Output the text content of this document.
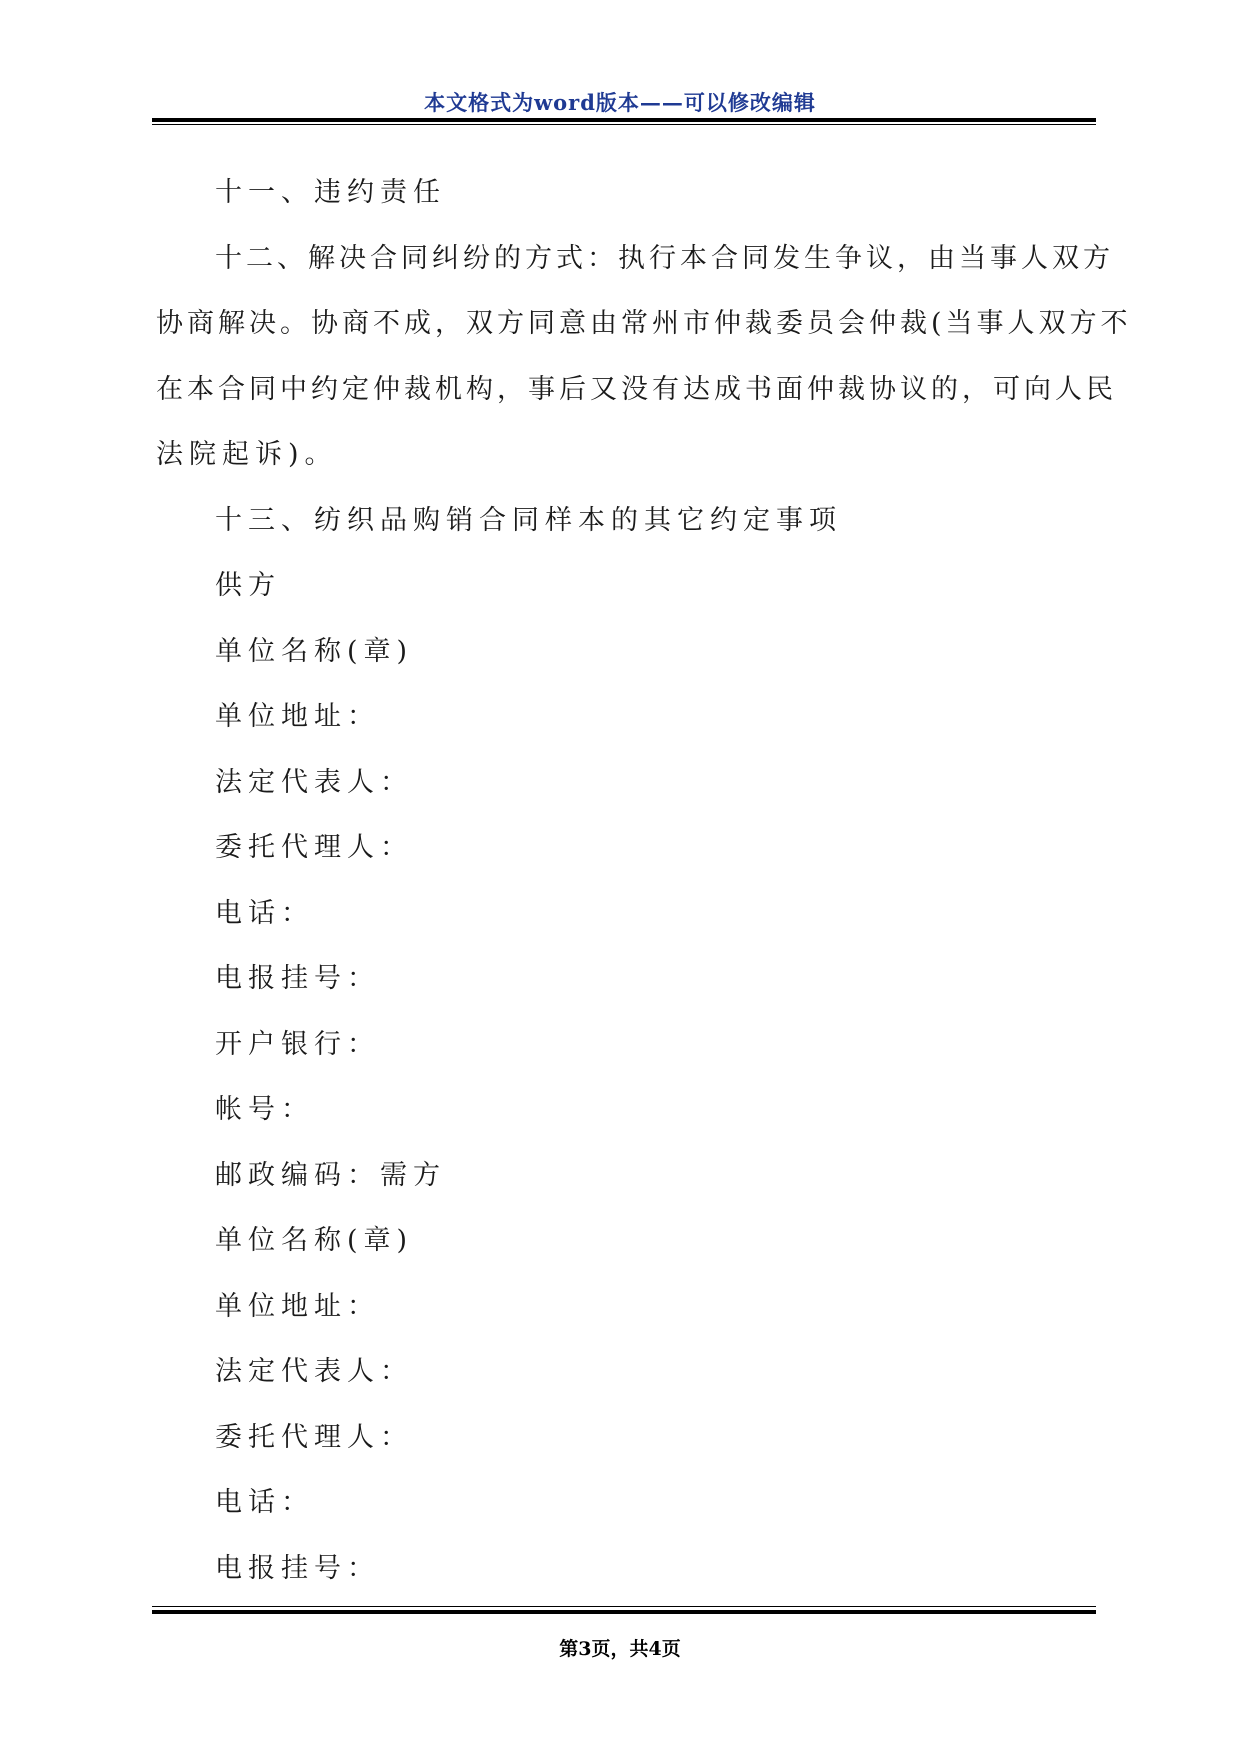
本文格式为word版本——可以修改编辑

十一、违约责任

十二、解决合同纠纷的方式：执行本合同发生争议，由当事人双方

协商解决。协商不成，双方同意由常州市仲裁委员会仲裁(当事人双方不

在本合同中约定仲裁机构，事后又没有达成书面仲裁协议的，可向人民

法院起诉)。

十三、纺织品购销合同样本的其它约定事项

供方

单位名称(章)

单位地址：

法定代表人：

委托代理人：

电话：

电报挂号：

开户银行：

帐号：

邮政编码：需方

单位名称(章)

单位地址：

法定代表人：

委托代理人：

电话：

电报挂号：

第3页，共4页
